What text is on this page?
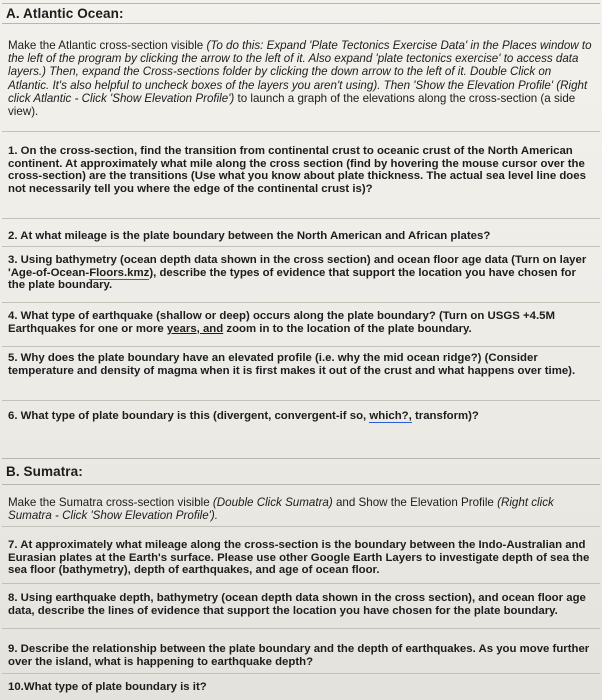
A. Atlantic Ocean:
Make the Atlantic cross-section visible (To do this: Expand 'Plate Tectonics Exercise Data' in the Places window to the left of the program by clicking the arrow to the left of it. Also expand 'plate tectonics exercise' to access data layers.) Then, expand the Cross-sections folder by clicking the down arrow to the left of it. Double Click on Atlantic. It's also helpful to uncheck boxes of the layers you aren't using). Then 'Show the Elevation Profile' (Right click Atlantic - Click 'Show Elevation Profile') to launch a graph of the elevations along the cross-section (a side view).

1. On the cross-section, find the transition from continental crust to oceanic crust of the North American continent. At approximately what mile along the cross section (find by hovering the mouse cursor over the cross-section) are the transitions (Use what you know about plate thickness. The actual sea level line does not necessarily tell you where the edge of the continental crust is)?

2. At what mileage is the plate boundary between the North American and African plates?

3. Using bathymetry (ocean depth data shown in the cross section) and ocean floor age data (Turn on layer 'Age-of-Ocean-Floors.kmz), describe the types of evidence that support the location you have chosen for the plate boundary.

4. What type of earthquake (shallow or deep) occurs along the plate boundary? (Turn on USGS +4.5M Earthquakes for one or more years, and zoom in to the location of the plate boundary.

5. Why does the plate boundary have an elevated profile (i.e. why the mid ocean ridge?) (Consider temperature and density of magma when it is first makes it out of the crust and what happens over time).

6. What type of plate boundary is this (divergent, convergent-if so, which?, transform)?

B. Sumatra:
Make the Sumatra cross-section visible (Double Click Sumatra) and Show the Elevation Profile (Right click Sumatra - Click 'Show Elevation Profile').

7. At approximately what mileage along the cross-section is the boundary between the Indo-Australian and Eurasian plates at the Earth's surface. Please use other Google Earth Layers to investigate depth of sea the sea floor (bathymetry), depth of earthquakes, and age of ocean floor.

8. Using earthquake depth, bathymetry (ocean depth data shown in the cross section), and ocean floor age data, describe the lines of evidence that support the location you have chosen for the plate boundary.

9. Describe the relationship between the plate boundary and the depth of earthquakes. As you move further over the island, what is happening to earthquake depth?

10.What type of plate boundary is it?
